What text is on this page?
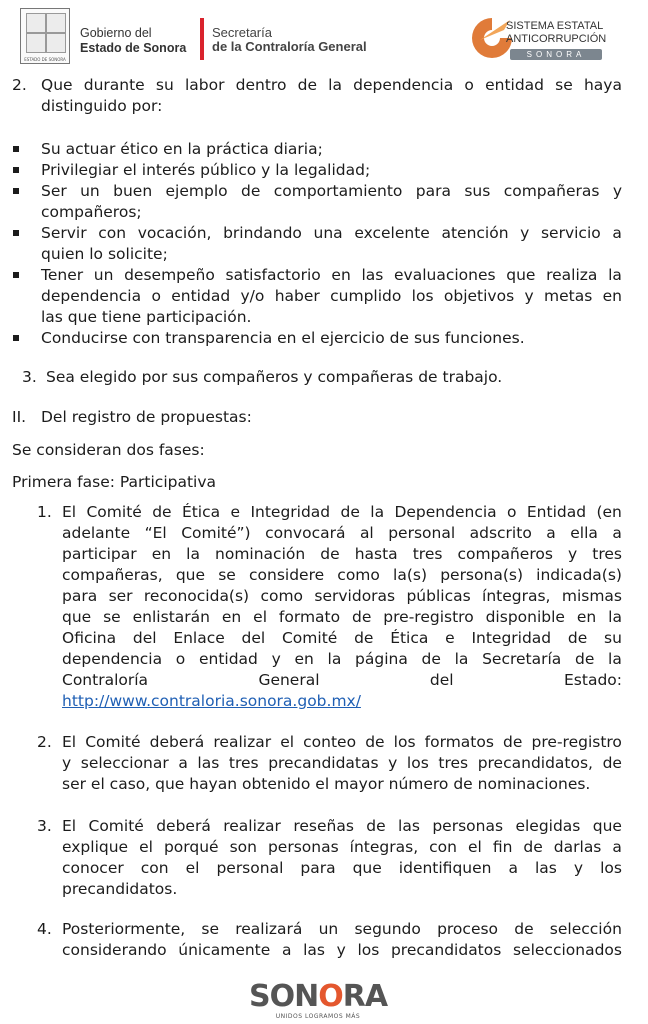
ESTADO DE SONORA
Gobierno del
Estado de Sonora
Secretaría
de la Contraloría General
SISTEMA ESTATAL
ANTICORRUPCIÓN
SONORA
2. Que durante su labor dentro de la dependencia o entidad se haya
distinguido por:
Su actuar ético en la práctica diaria;
Privilegiar el interés público y la legalidad;
Ser un buen ejemplo de comportamiento para sus compañeras y
compañeros;
Servir con vocación, brindando una excelente atención y servicio a
quien lo solicite;
Tener un desempeño satisfactorio en las evaluaciones que realiza la
dependencia o entidad y/o haber cumplido los objetivos y metas en
las que tiene participación.
Conducirse con transparencia en el ejercicio de sus funciones.
3. Sea elegido por sus compañeros y compañeras de trabajo.
II. Del registro de propuestas:
Se consideran dos fases:
Primera fase: Participativa
1. El Comité de Ética e Integridad de la Dependencia o Entidad (en
adelante “El Comité”) convocará al personal adscrito a ella a
participar en la nominación de hasta tres compañeros y tres
compañeras, que se considere como la(s) persona(s) indicada(s)
para ser reconocida(s) como servidoras públicas íntegras, mismas
que se enlistarán en el formato de pre-registro disponible en la
Oficina del Enlace del Comité de Ética e Integridad de su
dependencia o entidad y en la página de la Secretaría de la
Contraloría	General	del	Estado:
http://www.contraloria.sonora.gob.mx/
2. El Comité deberá realizar el conteo de los formatos de pre-registro
y seleccionar a las tres precandidatas y los tres precandidatos, de
ser el caso, que hayan obtenido el mayor número de nominaciones.
3. El Comité deberá realizar reseñas de las personas elegidas que
explique el porqué son personas íntegras, con el fin de darlas a
conocer con el personal para que identifiquen a las y los
precandidatos.
4. Posteriormente, se realizará un segundo proceso de selección
considerando únicamente a las y los precandidatos seleccionados
SONORA
UNIDOS LOGRAMOS MÁS
